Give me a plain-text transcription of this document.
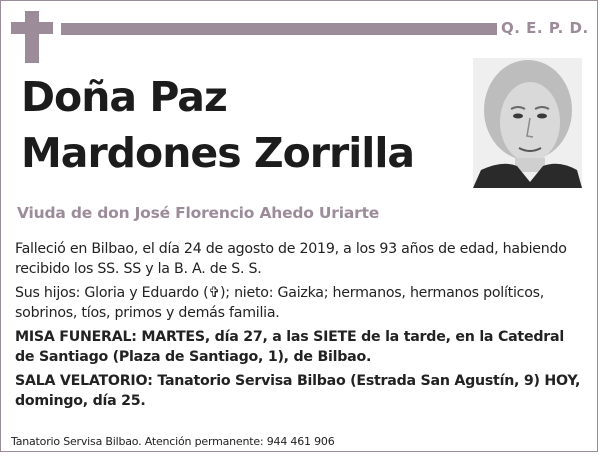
Q. E. P. D.
Doña Paz
Mardones Zorrilla

Viuda de don José Florencio Ahedo Uriarte

Falleció en Bilbao, el día 24 de agosto de 2019, a los 93 años de edad, habiendo recibido los SS. SS y la B. A. de S. S.

Sus hijos: Gloria y Eduardo (✞); nieto: Gaizka; hermanos, hermanos políticos, sobrinos, tíos, primos y demás familia.

MISA FUNERAL: MARTES, día 27, a las SIETE de la tarde, en la Catedral de Santiago (Plaza de Santiago, 1), de Bilbao.

SALA VELATORIO: Tanatorio Servisa Bilbao (Estrada San Agustín, 9) HOY, domingo, día 25.

Tanatorio Servisa Bilbao. Atención permanente: 944 461 906
